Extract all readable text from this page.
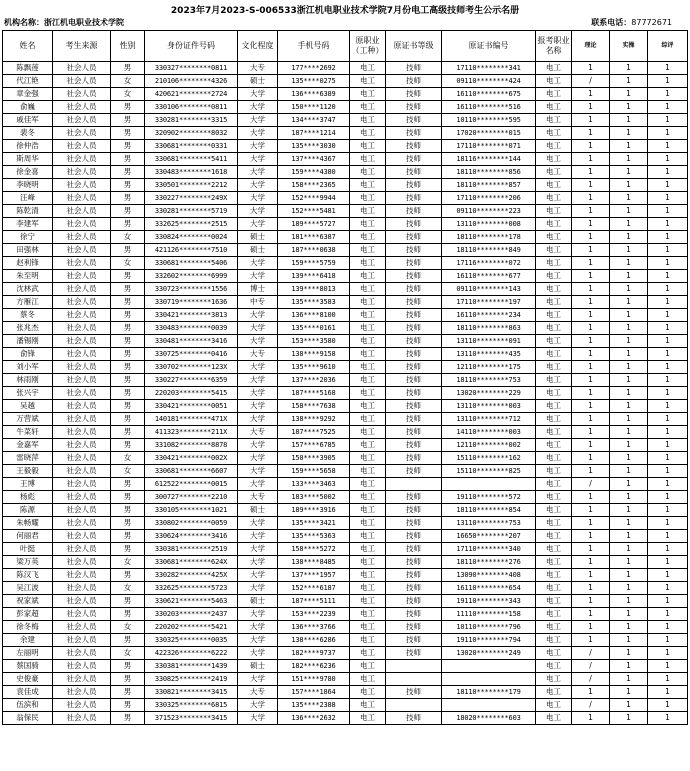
2023年7月2023-S-006533浙江机电职业技术学院7月份电工高级技师考生公示名册
机构名称：浙江机电职业技术学院	联系电话：87772671
姓名	考生来源	性别	身份证件号码	文化程度	手机号码	原职业（工种）	原证书等级	原证书编号	报考职业名称	理论	实操	综评
陈飘莲	社会人员	男	330327********0811	大专	177****2692	电工	技师	17110********341	电工	1	1	1
代江艳	社会人员	女	210106********4326	硕士	135****0275	电工	技师	09110********424	电工	/	1	1
章金强	社会人员	女	420621********2724	大学	136****6389	电工	技师	16110********675	电工	1	1	1
俞巍	社会人员	男	330106********0811	大学	150****1120	电工	技师	16110********516	电工	1	1	1
戚佳军	社会人员	男	330281********3315	大学	134****3747	电工	技师	10110********595	电工	1	1	1
裴冬	社会人员	男	320902********8032	大学	187****1214	电工	技师	17020********015	电工	1	1	1
徐仲浩	社会人员	男	330681********0331	大学	135****3030	电工	技师	17110********071	电工	1	1	1
斯周华	社会人员	男	330681********5411	大学	137****4367	电工	技师	18116********144	电工	1	1	1
徐金喜	社会人员	男	330483********1618	大学	159****4380	电工	技师	18110********856	电工	1	1	1
李晓明	社会人员	男	330501********2212	大学	158****2365	电工	技师	18110********857	电工	1	1	1
汪峰	社会人员	男	330227********249X	大学	152****9944	电工	技师	17110********206	电工	1	1	1
陈乾清	社会人员	男	330281********5719	大学	152****5481	电工	技师	09110********223	电工	1	1	1
李建军	社会人员	男	332625********2515	大学	189****5727	电工	技师	13110********008	电工	1	1	1
徐宁	社会人员	女	330824********0024	硕士	181****6387	电工	技师	18110********178	电工	1	1	1
田强林	社会人员	男	421126********7510	硕士	187****0638	电工	技师	18110********849	电工	1	1	1
赵利锋	社会人员	女	330681********5406	大学	159****5759	电工	技师	17116********072	电工	1	1	1
朱至明	社会人员	男	332602********6999	大学	139****6418	电工	技师	16110********677	电工	1	1	1
沈林武	社会人员	男	330723********1556	博士	139****8013	电工	技师	09110********143	电工	1	1	1
方雁江	社会人员	男	330719********1636	中专	135****3583	电工	技师	17110********197	电工	1	1	1
蔡冬	社会人员	男	330421********3813	大学	136****8100	电工	技师	16110********234	电工	1	1	1
张兆杰	社会人员	男	330483********0039	大学	135****0161	电工	技师	18110********863	电工	1	1	1
潘锡刚	社会人员	男	330481********3416	大学	153****3580	电工	技师	13110********091	电工	1	1	1
俞锋	社会人员	男	330725********0416	大专	138****9158	电工	技师	13110********435	电工	1	1	1
刘小军	社会人员	男	330702********123X	大学	135****9610	电工	技师	12110********175	电工	1	1	1
林雨刚	社会人员	男	330227********6359	大学	137****2036	电工	技师	18110********753	电工	1	1	1
张兴宇	社会人员	男	220203********5415	大学	187****5168	电工	技师	13020********229	电工	1	1	1
吴越	社会人员	男	330421********0051	大学	158****7638	电工	技师	13110********003	电工	1	1	1
万营斌	社会人员	男	140181********471X	大学	138****9292	电工	技师	13110********712	电工	1	1	1
牛菜轩	社会人员	男	411323********211X	大专	187****7525	电工	技师	14110********003	电工	1	1	1
金嘉军	社会人员	男	331082********8878	大学	157****6785	电工	技师	12110********002	电工	1	1	1
雷晓萍	社会人员	女	330421********002X	大学	150****3905	电工	技师	15110********162	电工	1	1	1
王毅毅	社会人员	女	330681********6607	大学	159****5658	电工	技师	15110********825	电工	1	1	1
王博	社会人员	男	612522********0015	大学	133****3463	电工			电工	/	1	1
杨彪	社会人员	男	300727********2210	大专	183****5002	电工	技师	19110********572	电工	1	1	1
陈源	社会人员	男	330105********1021	硕士	189****3916	电工	技师	18110********854	电工	1	1	1
朱畅耀	社会人员	男	330802********0059	大学	135****3421	电工	技师	13110********753	电工	1	1	1
何丽君	社会人员	男	330624********3416	大学	135****5363	电工	技师	16650********207	电工	1	1	1
叶挺	社会人员	男	330381********2519	大学	158****5272	电工	技师	17110********340	电工	1	1	1
梁万英	社会人员	女	330681********624X	大学	138****8485	电工	技师	18110********276	电工	1	1	1
陈汉飞	社会人员	男	330282********425X	大学	137****1957	电工	技师	13090********408	电工	1	1	1
吴江波	社会人员	女	332625********5723	大学	152****6187	电工	技师	16110********654	电工	1	1	1
祝家斌	社会人员	男	330621********5463	硕士	187****5111	电工	技师	19110********343	电工	1	1	1
彭家超	社会人员	男	330203********2437	大学	153****2239	电工	技师	11110********158	电工	1	1	1
徐冬梅	社会人员	女	220202********5421	大学	136****3766	电工	技师	10110********796	电工	1	1	1
余建	社会人员	男	330325********0035	大学	138****6286	电工	技师	19110********794	电工	1	1	1
左丽明	社会人员	女	422326********6222	大学	182****9737	电工	技师	13020********249	电工	/	1	1
蔡国骑	社会人员	男	330381********1439	硕士	182****6236	电工			电工	/	1	1
史俊豪	社会人员	男	330825********2419	大学	151****9780	电工			电工	/	1	1
袁佳成	社会人员	男	330821********3415	大专	157****1864	电工	技师	18110********179	电工	1	1	1
伍滨和	社会人员	男	330325********6815	大学	135****2388	电工			电工	/	1	1
翁保民	社会人员	男	371523********3415	大学	136****2632	电工	技师	18020********603	电工	1	1	1
